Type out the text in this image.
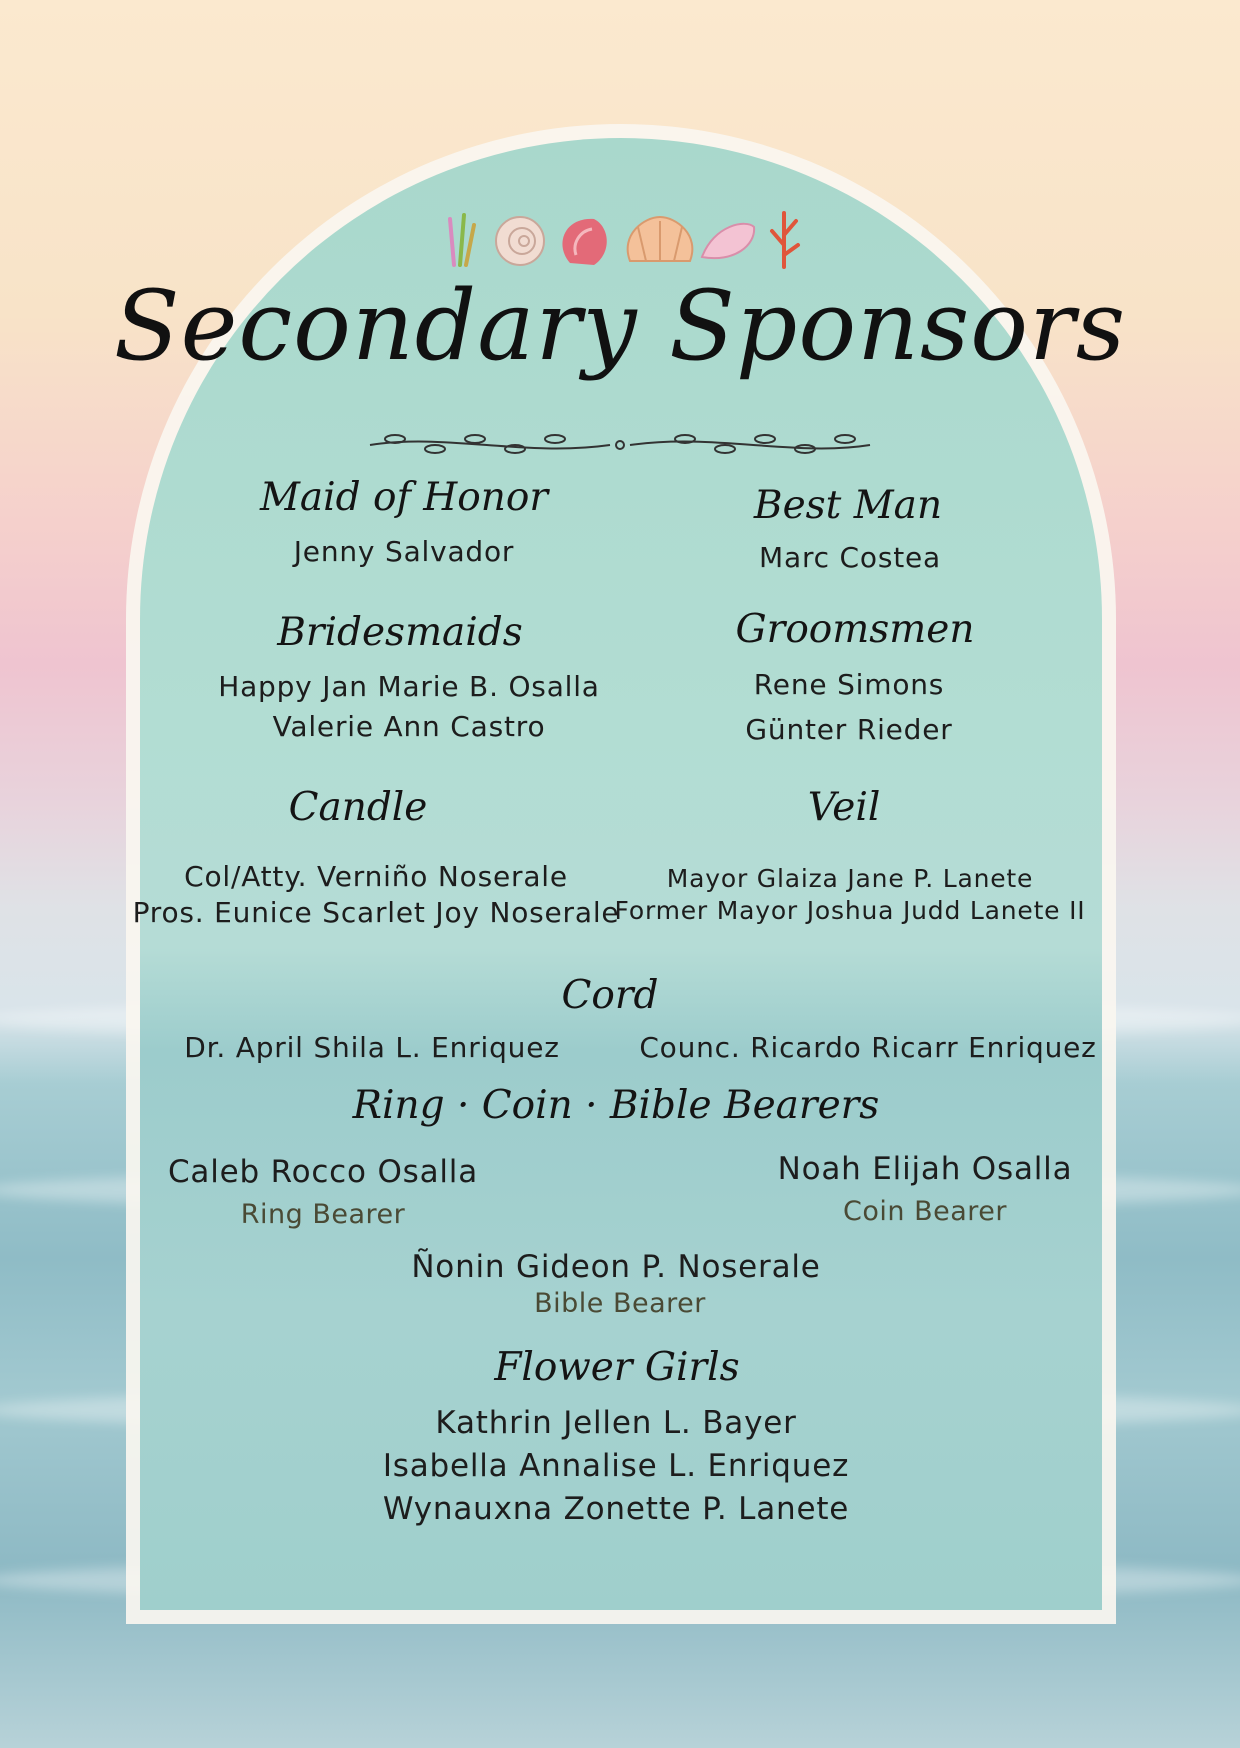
Secondary Sponsors
Maid of Honor
Jenny Salvador
Best Man
Marc Costea
Bridesmaids
Happy Jan Marie B. Osalla
Valerie Ann Castro
Groomsmen
Rene Simons
Günter Rieder
Candle
Col/Atty. Verniño Noserale
Pros. Eunice Scarlet Joy Noserale
Veil
Mayor Glaiza Jane P. Lanete
Former Mayor Joshua Judd Lanete II
Cord
Dr. April Shila L. Enriquez	Counc. Ricardo Ricarr Enriquez
Ring · Coin · Bible Bearers
Caleb Rocco Osalla
Ring Bearer
Noah Elijah Osalla
Coin Bearer
Ñonin Gideon P. Noserale
Bible Bearer
Flower Girls
Kathrin Jellen L. Bayer
Isabella Annalise L. Enriquez
Wynauxna Zonette P. Lanete
